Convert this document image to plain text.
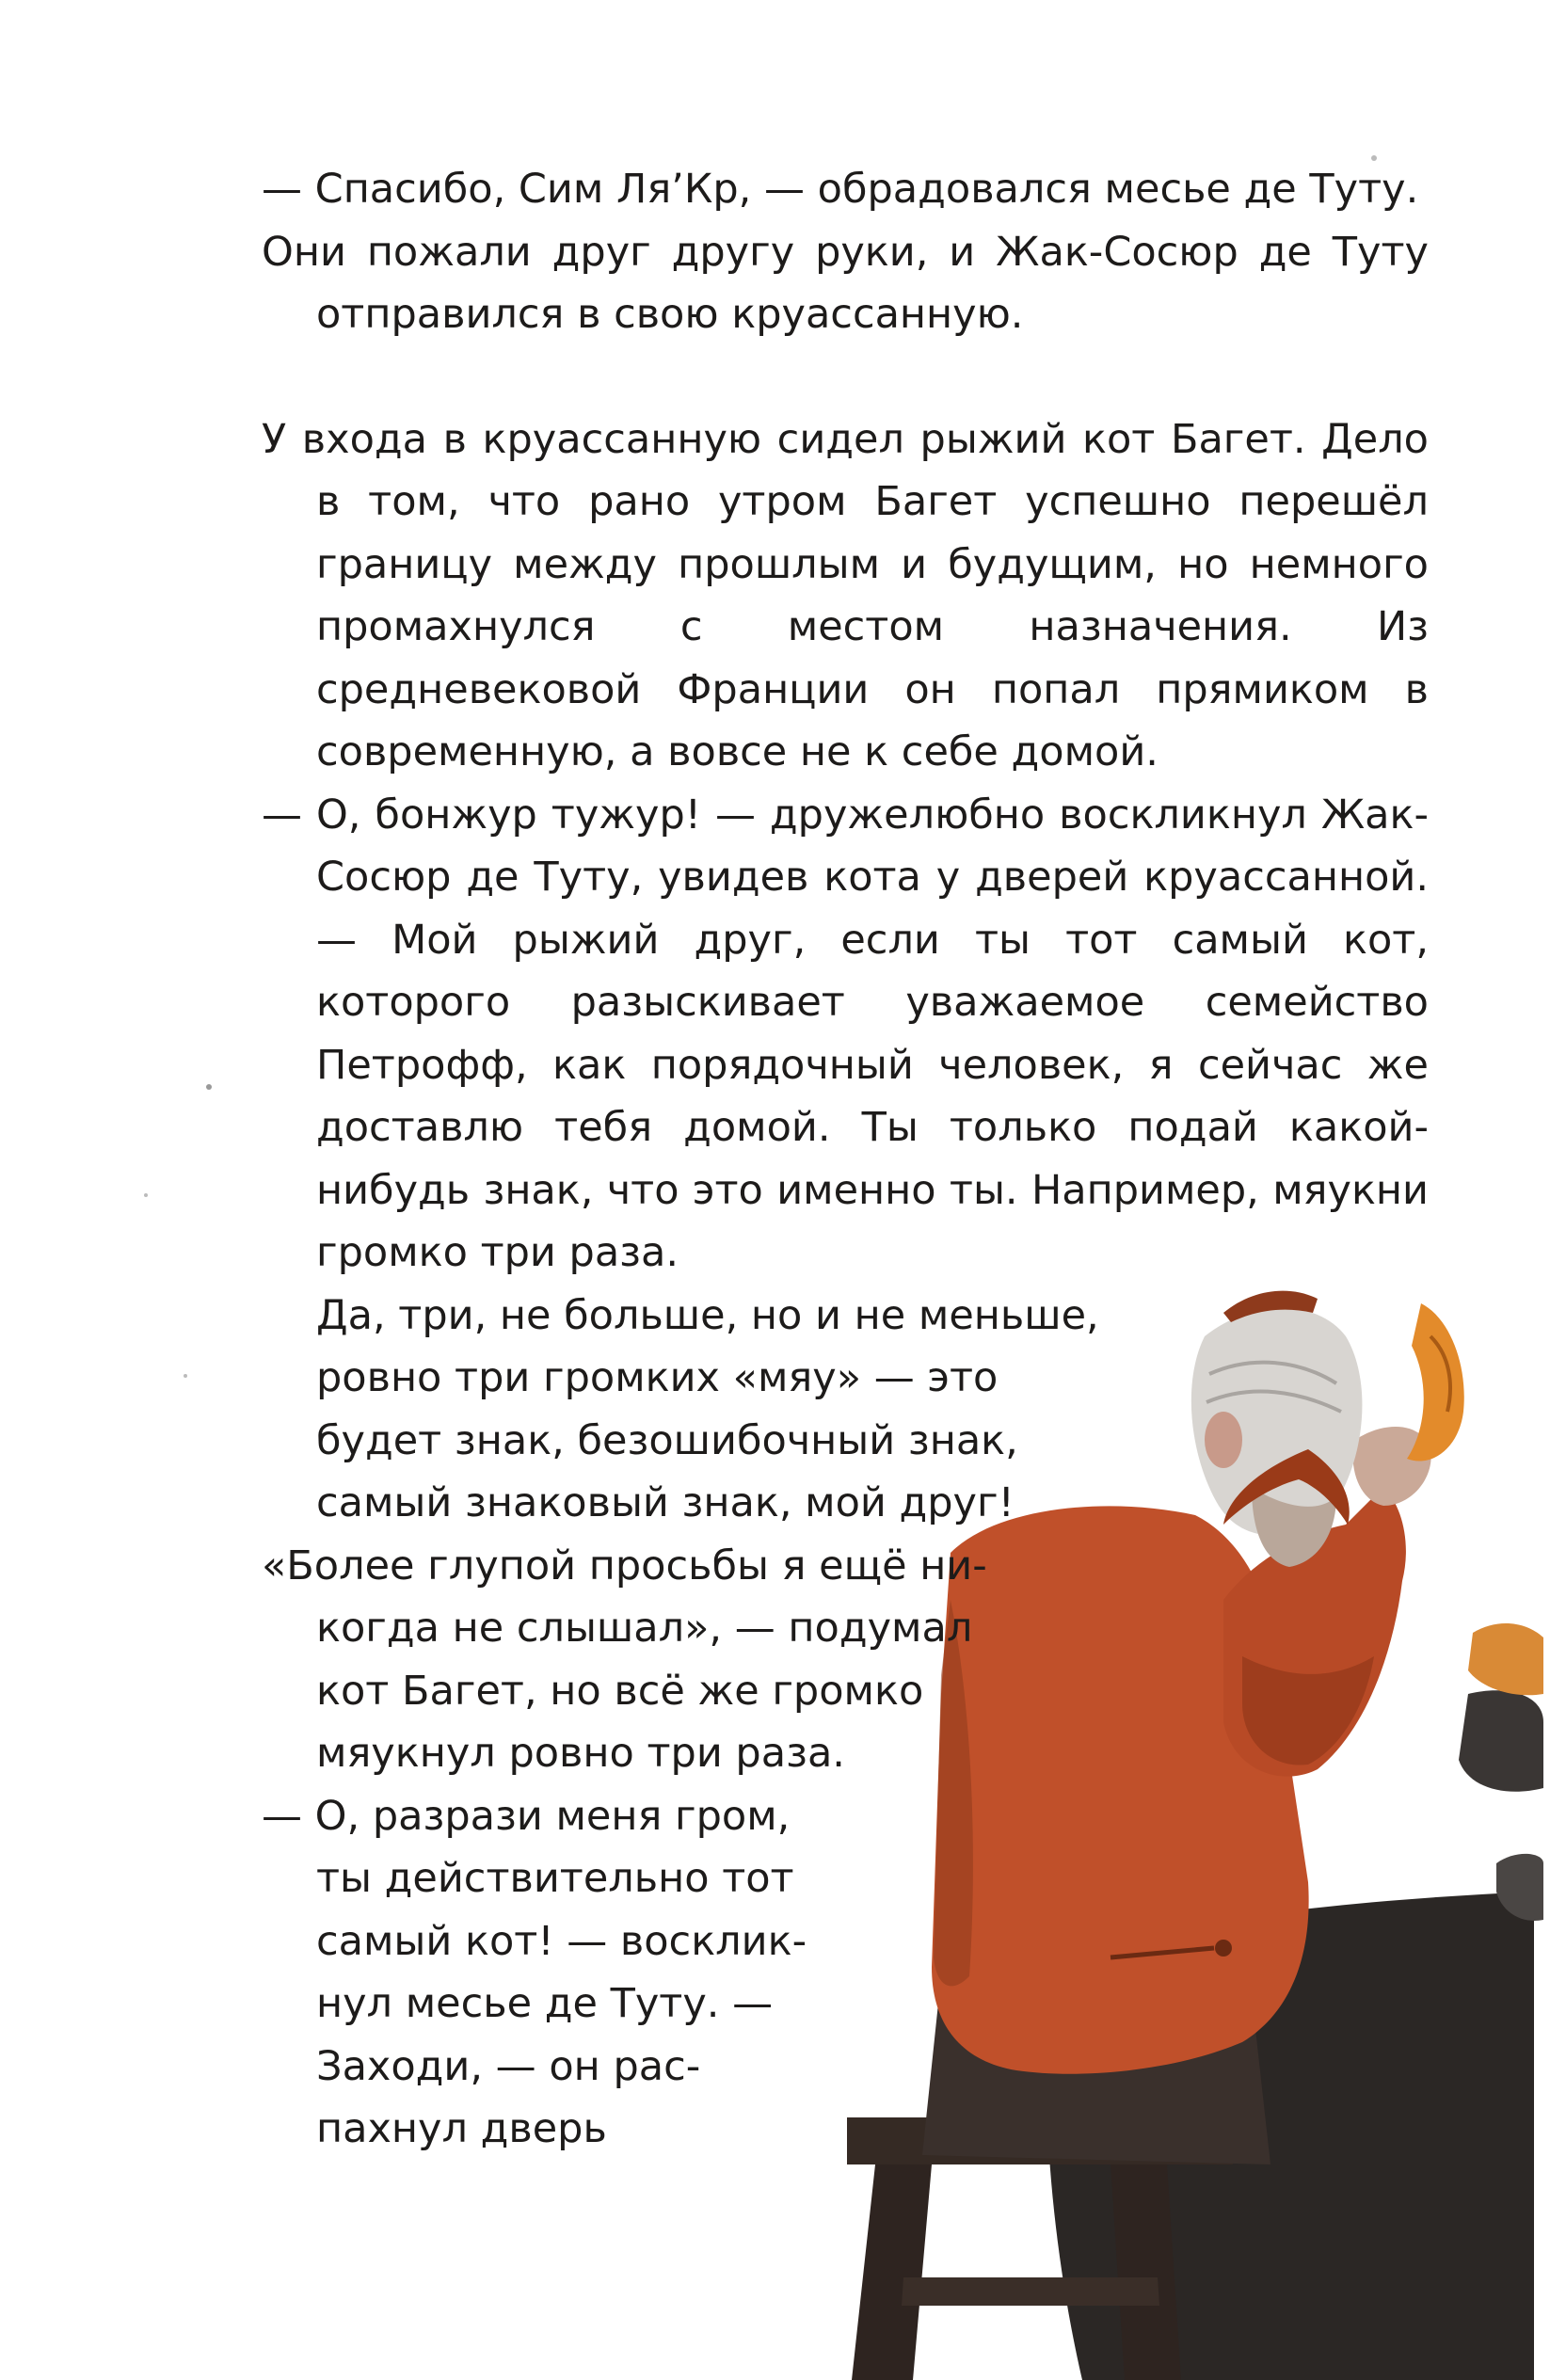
— Спасибо, Сим Ля’Кр, — обрадовался месье де Туту.

Они пожали друг другу руки, и Жак-Сосюр де Туту отправился в свою круассанную.

У входа в круассанную сидел рыжий кот Багет. Дело в том, что рано утром Багет успешно перешёл границу между прошлым и будущим, но немного промахнулся с местом назначения. Из средневековой Франции он попал прямиком в современную, а вовсе не к себе домой.

— О, бонжур тужур! — дружелюбно воскликнул Жак-Сосюр де Туту, увидев кота у дверей круассанной. — Мой рыжий друг, если ты тот самый кот, которого разыскивает уважаемое семейство Петрофф, как порядочный человек, я сейчас же доставлю тебя домой. Ты только подай какой-нибудь знак, что это именно ты. Например, мяукни громко три раза.

Да, три, не больше, но и не меньше,
ровно три громких «мяу» — это
будет знак, безошибочный знак,
самый знаковый знак, мой друг!
«Более глупой просьбы я ещё ни-
когда не слышал», — подумал
кот Багет, но всё же громко
мяукнул ровно три раза.
— О, разрази меня гром,
ты действительно тот
самый кот! — восклик-
нул месье де Туту. —
Заходи, — он рас-
пахнул дверь
